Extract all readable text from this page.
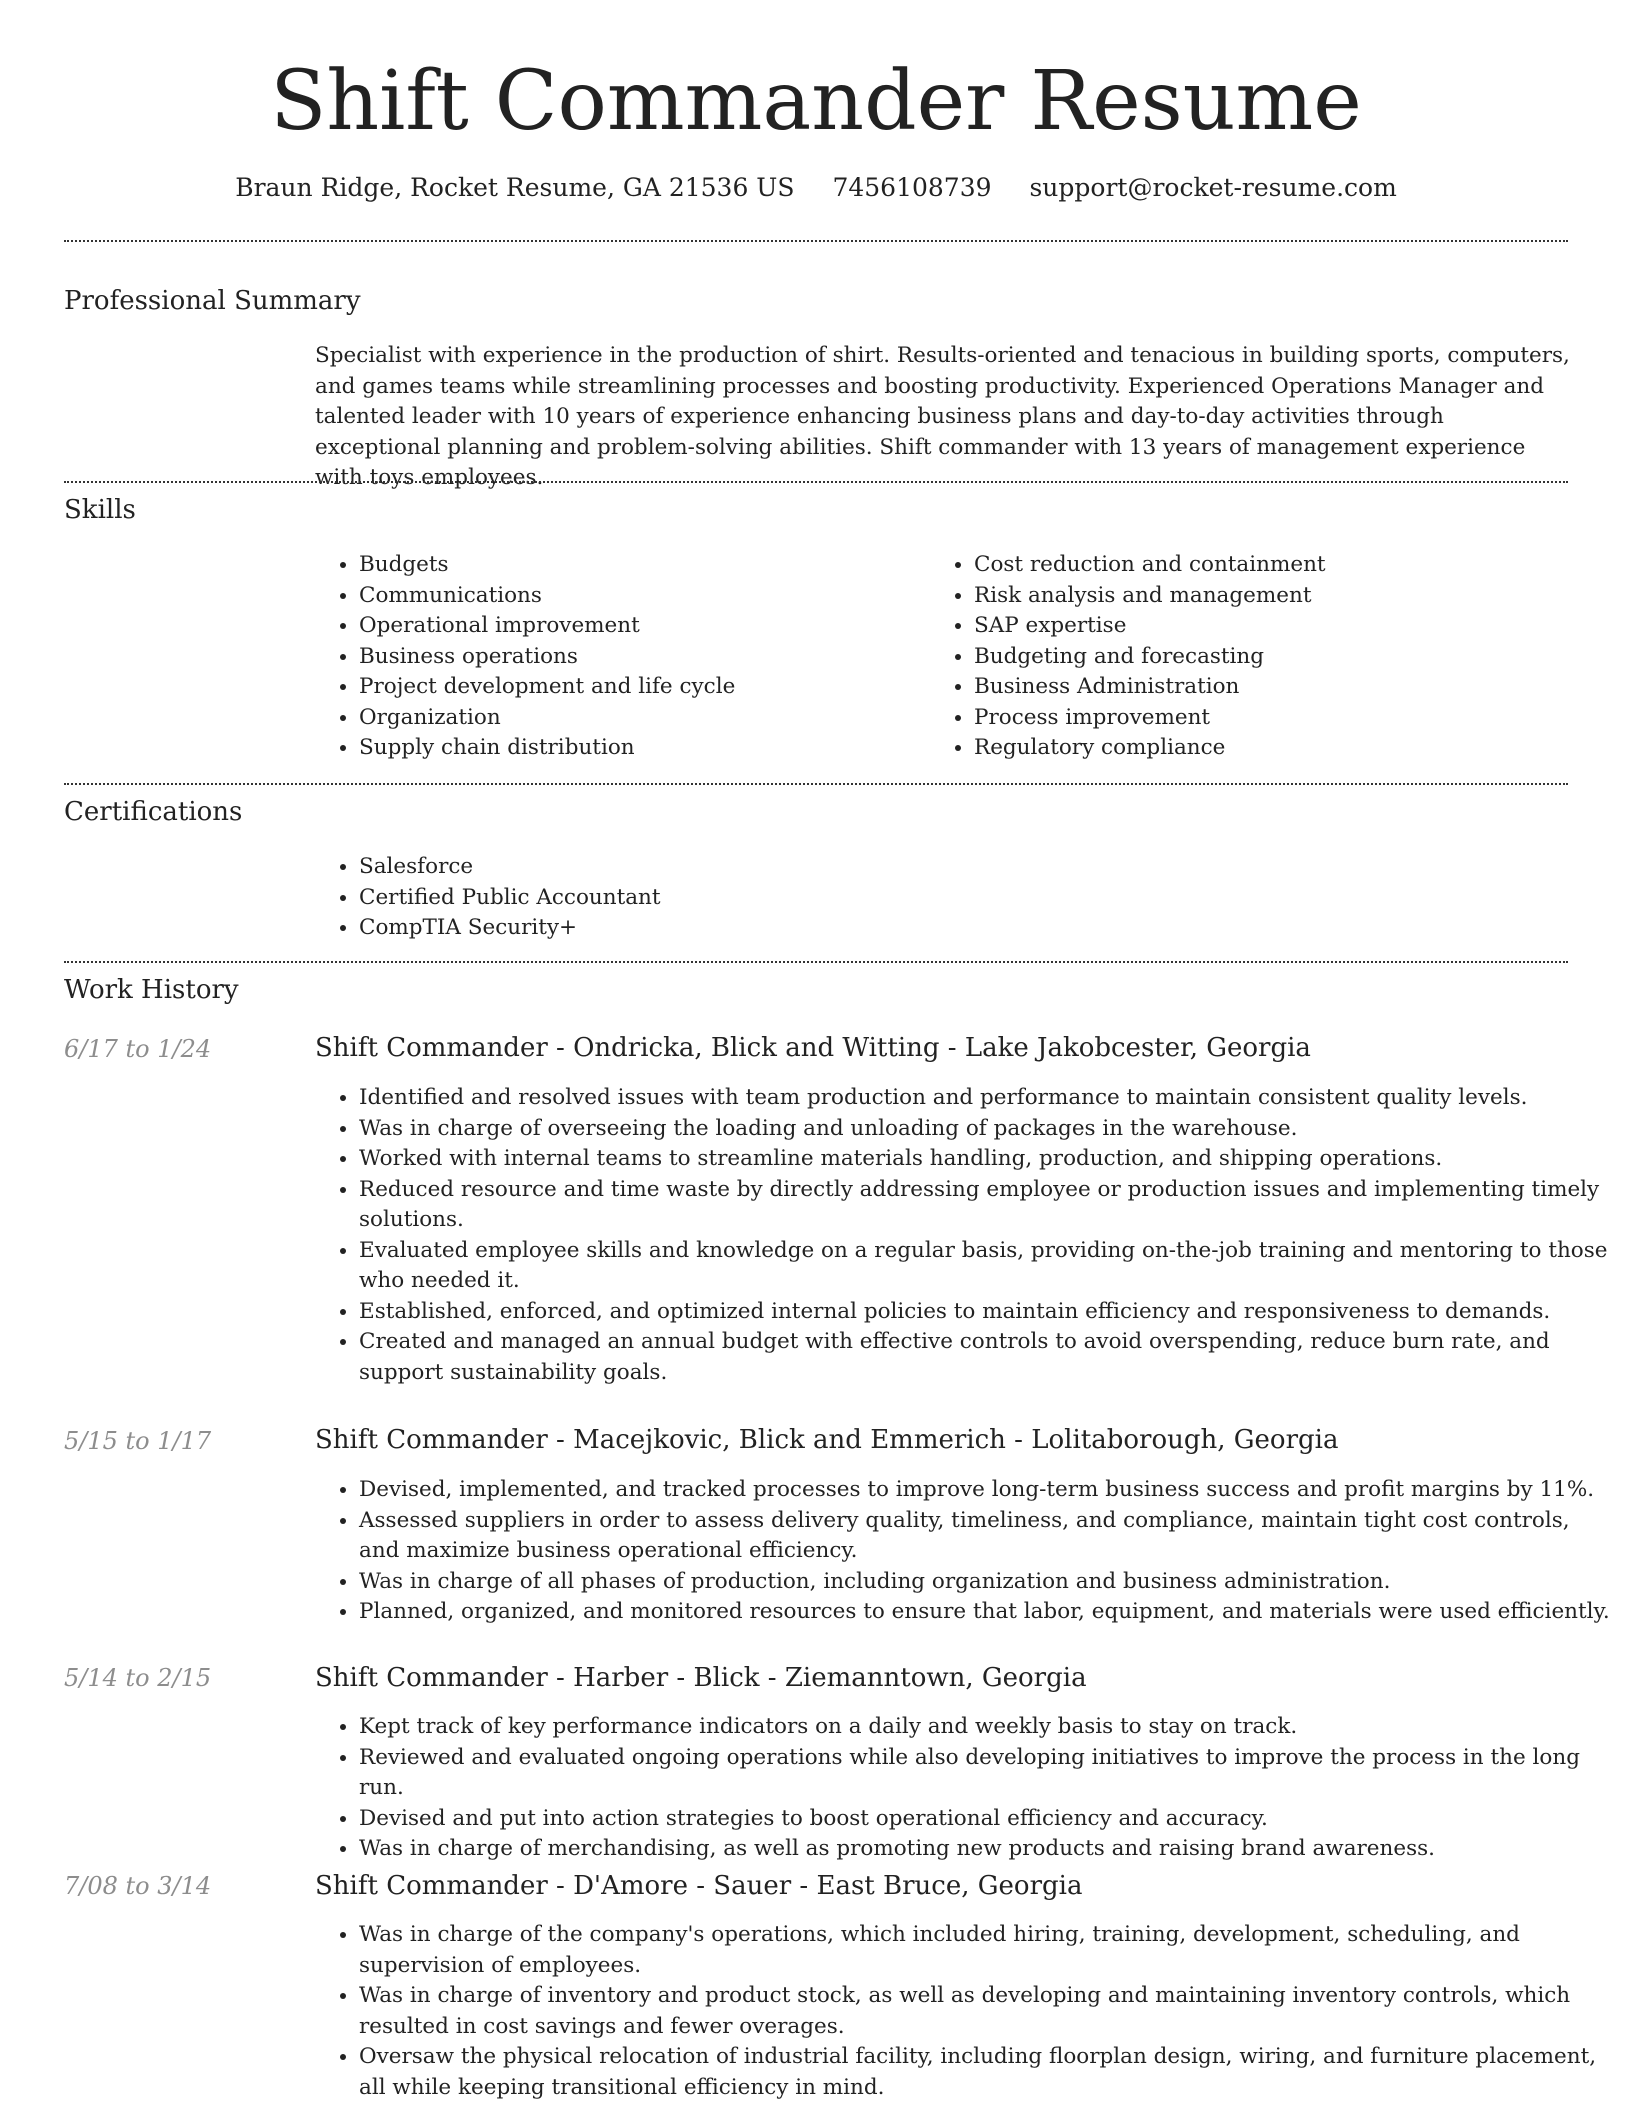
Shift Commander Resume
Braun Ridge, Rocket Resume, GA 21536 US 7456108739 support@rocket-resume.com
Professional Summary

Specialist with experience in the production of shirt. Results-oriented and tenacious in building sports, computers, and games teams while streamlining processes and boosting productivity. Experienced Operations Manager and talented leader with 10 years of experience enhancing business plans and day-to-day activities through exceptional planning and problem-solving abilities. Shift commander with 13 years of management experience with toys employees.

Skills
• Budgets
• Communications
• Operational improvement
• Business operations
• Project development and life cycle
• Organization
• Supply chain distribution
• Cost reduction and containment
• Risk analysis and management
• SAP expertise
• Budgeting and forecasting
• Business Administration
• Process improvement
• Regulatory compliance
Certifications
• Salesforce
• Certified Public Accountant
• CompTIA Security+
Work History
6/17 to 1/24	Shift Commander - Ondricka, Blick and Witting - Lake Jakobcester, Georgia
• Identified and resolved issues with team production and performance to maintain consistent quality levels.
• Was in charge of overseeing the loading and unloading of packages in the warehouse.
• Worked with internal teams to streamline materials handling, production, and shipping operations.
• Reduced resource and time waste by directly addressing employee or production issues and implementing timely solutions.
• Evaluated employee skills and knowledge on a regular basis, providing on-the-job training and mentoring to those who needed it.
• Established, enforced, and optimized internal policies to maintain efficiency and responsiveness to demands.
• Created and managed an annual budget with effective controls to avoid overspending, reduce burn rate, and support sustainability goals.
5/15 to 1/17	Shift Commander - Macejkovic, Blick and Emmerich - Lolitaborough, Georgia
• Devised, implemented, and tracked processes to improve long-term business success and profit margins by 11%.
• Assessed suppliers in order to assess delivery quality, timeliness, and compliance, maintain tight cost controls, and maximize business operational efficiency.
• Was in charge of all phases of production, including organization and business administration.
• Planned, organized, and monitored resources to ensure that labor, equipment, and materials were used efficiently.
5/14 to 2/15	Shift Commander - Harber - Blick - Ziemanntown, Georgia
• Kept track of key performance indicators on a daily and weekly basis to stay on track.
• Reviewed and evaluated ongoing operations while also developing initiatives to improve the process in the long run.
• Devised and put into action strategies to boost operational efficiency and accuracy.
• Was in charge of merchandising, as well as promoting new products and raising brand awareness.
7/08 to 3/14	Shift Commander - D'Amore - Sauer - East Bruce, Georgia
• Was in charge of the company's operations, which included hiring, training, development, scheduling, and supervision of employees.
• Was in charge of inventory and product stock, as well as developing and maintaining inventory controls, which resulted in cost savings and fewer overages.
• Oversaw the physical relocation of industrial facility, including floorplan design, wiring, and furniture placement, all while keeping transitional efficiency in mind.
